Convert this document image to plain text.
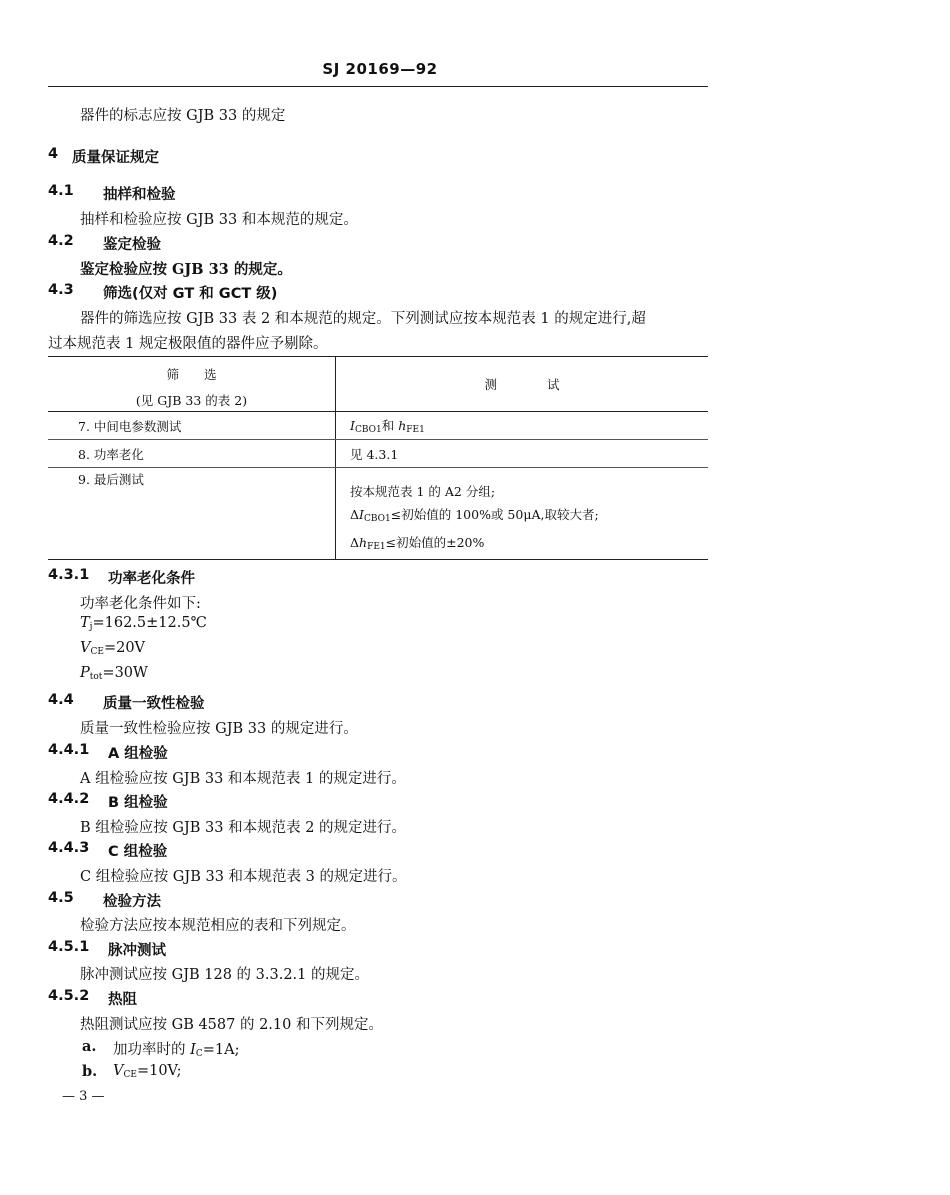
SJ 20169—92
器件的标志应按 GJB 33 的规定
4 质量保证规定
4.1 抽样和检验
抽样和检验应按 GJB 33 和本规范的规定。
4.2 鉴定检验
鉴定检验应按 GJB 33 的规定。
4.3 筛选(仅对 GT 和 GCT 级)
器件的筛选应按 GJB 33 表 2 和本规范的规定。下列测试应按本规范表 1 的规定进行,超
过本规范表 1 规定极限值的器件应予剔除。
筛　　选
(见 GJB 33 的表 2)	测　　　　试
7. 中间电参数测试	$I_{CBO1}$和 $h_{FE1}$
8. 功率老化	见 4.3.1
9. 最后测试	按本规范表 1 的 A2 分组;
$\Delta I_{CBO1}\le$初始值的 100%或 50μA,取较大者;
$\Delta h_{FE1}\le$初始值的±20%
4.3.1 功率老化条件
功率老化条件如下:
$T_j=162.5\pm 12.5℃$
$V_{CE}=20V$
$P_{tot}=30W$
4.4 质量一致性检验
质量一致性检验应按 GJB 33 的规定进行。
4.4.1 A 组检验
A 组检验应按 GJB 33 和本规范表 1 的规定进行。
4.4.2 B 组检验
B 组检验应按 GJB 33 和本规范表 2 的规定进行。
4.4.3 C 组检验
C 组检验应按 GJB 33 和本规范表 3 的规定进行。
4.5 检验方法
检验方法应按本规范相应的表和下列规定。
4.5.1 脉冲测试
脉冲测试应按 GJB 128 的 3.3.2.1 的规定。
4.5.2 热阻
热阻测试应按 GB 4587 的 2.10 和下列规定。
a. 加功率时的 $I_C=1A$;
b. $V_{CE}=10V$;
— 3 —
